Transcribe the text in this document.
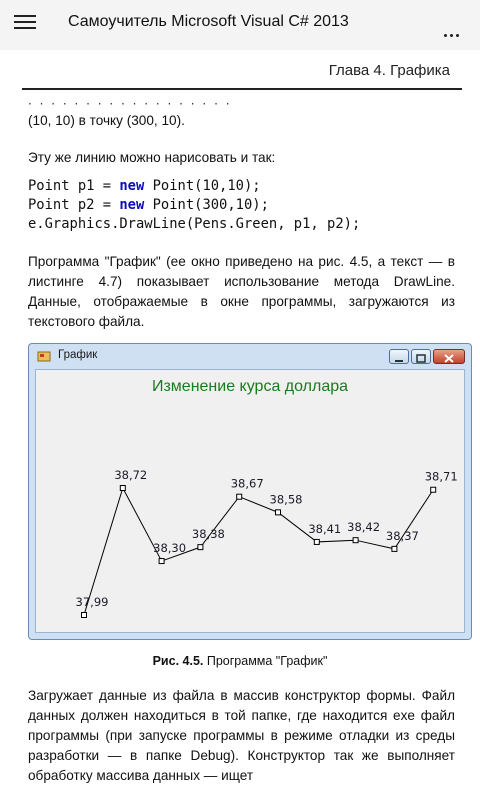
Самоучитель Microsoft Visual C# 2013
Глава 4. Графика
· · · · · · · · · · · · · · · · · ·

(10, 10) в точку (300, 10).

Эту же линию можно нарисовать и так:

Point p1 = new Point(10,10);
Point p2 = new Point(300,10);
e.Graphics.DrawLine(Pens.Green, p1, p2);

Программа "График" (ее окно приведено на рис. 4.5, а текст — в листинге 4.7) показывает использование метода DrawLine. Данные, отображаемые в окне программы, загружаются из текстового файла.

График
Изменение курса доллара
37,99
38,72
38,30
38,38
38,67
38,58
38,41 38,42
38,37
38,71
Рис. 4.5. Программа "График"

Загружает данные из файла в массив конструктор формы. Файл данных должен находиться в той папке, где находится exe файл программы (при запуске программы в режиме отладки из среды разработки — в папке Debug). Конструктор так же выполняет обработку массива данных — ищет
